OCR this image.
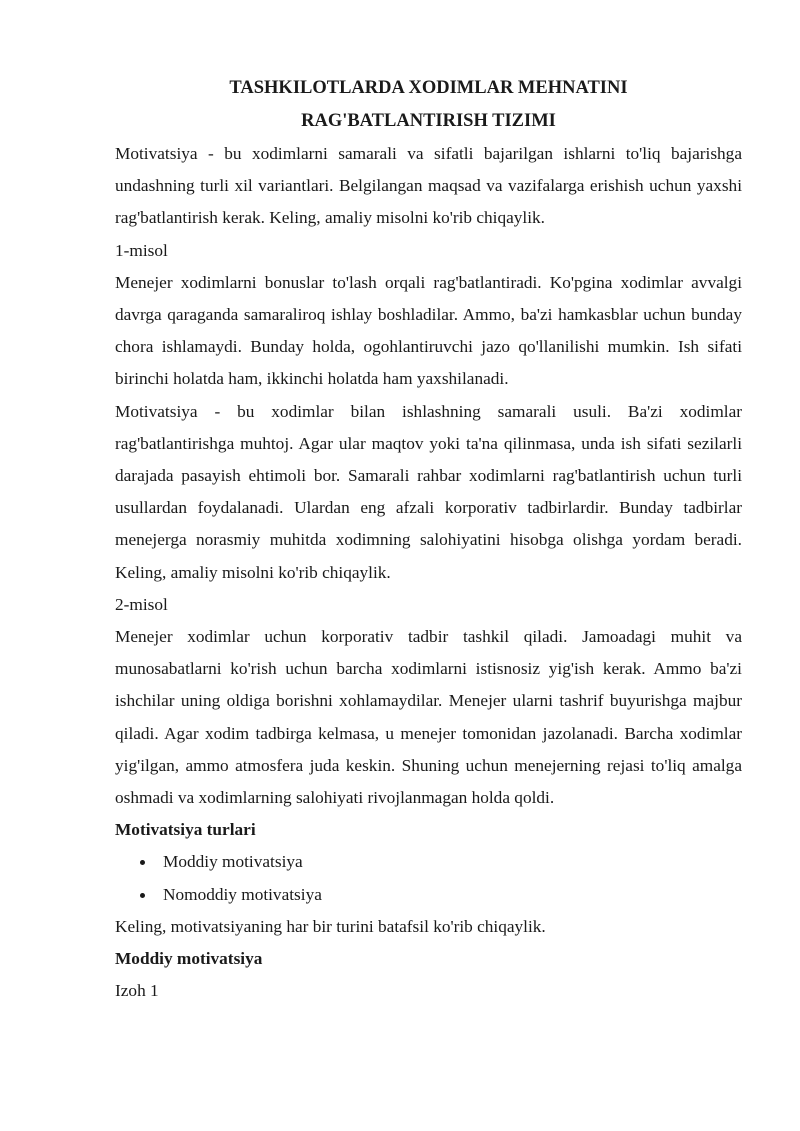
TASHKILOTLARDA XODIMLAR MEHNATINI
RAG'BATLANTIRISH TIZIMI

Motivatsiya - bu xodimlarni samarali va sifatli bajarilgan ishlarni to'liq bajarishga undashning turli xil variantlari. Belgilangan maqsad va vazifalarga erishish uchun yaxshi rag'batlantirish kerak. Keling, amaliy misolni ko'rib chiqaylik.

1-misol

Menejer xodimlarni bonuslar to'lash orqali rag'batlantiradi. Ko'pgina xodimlar avvalgi davrga qaraganda samaraliroq ishlay boshladilar. Ammo, ba'zi hamkasblar uchun bunday chora ishlamaydi. Bunday holda, ogohlantiruvchi jazo qo'llanilishi mumkin. Ish sifati birinchi holatda ham, ikkinchi holatda ham yaxshilanadi.

Motivatsiya - bu xodimlar bilan ishlashning samarali usuli. Ba'zi xodimlar rag'batlantirishga muhtoj. Agar ular maqtov yoki ta'na qilinmasa, unda ish sifati sezilarli darajada pasayish ehtimoli bor. Samarali rahbar xodimlarni rag'batlantirish uchun turli usullardan foydalanadi. Ulardan eng afzali korporativ tadbirlardir. Bunday tadbirlar menejerga norasmiy muhitda xodimning salohiyatini hisobga olishga yordam beradi. Keling, amaliy misolni ko'rib chiqaylik.

2-misol

Menejer xodimlar uchun korporativ tadbir tashkil qiladi. Jamoadagi muhit va munosabatlarni ko'rish uchun barcha xodimlarni istisnosiz yig'ish kerak. Ammo ba'zi ishchilar uning oldiga borishni xohlamaydilar. Menejer ularni tashrif buyurishga majbur qiladi. Agar xodim tadbirga kelmasa, u menejer tomonidan jazolanadi. Barcha xodimlar yig'ilgan, ammo atmosfera juda keskin. Shuning uchun menejerning rejasi to'liq amalga oshmadi va xodimlarning salohiyati rivojlanmagan holda qoldi.

Motivatsiya turlari
Moddiy motivatsiya
Nomoddiy motivatsiya

Keling, motivatsiyaning har bir turini batafsil ko'rib chiqaylik.

Moddiy motivatsiya

Izoh 1
